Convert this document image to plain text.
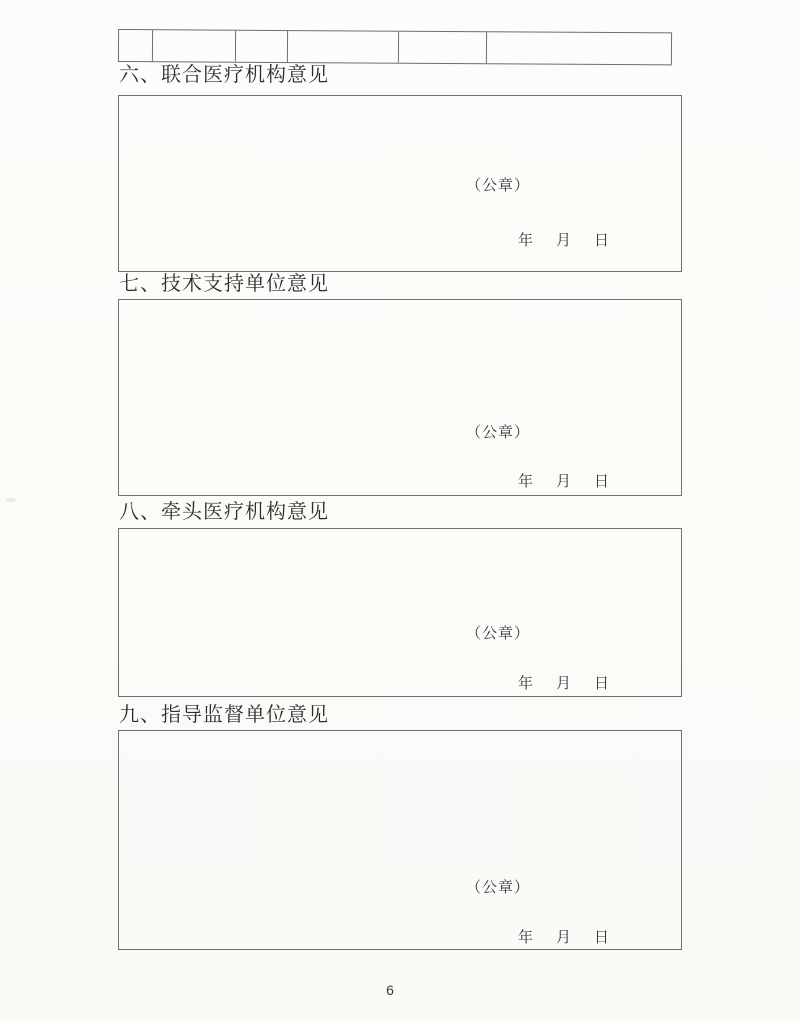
六、联合医疗机构意见
（公章）
年　月　日
七、技术支持单位意见
（公章）
年　月　日
八、牵头医疗机构意见
（公章）
年　月　日
九、指导监督单位意见
（公章）
年　月　日
6
